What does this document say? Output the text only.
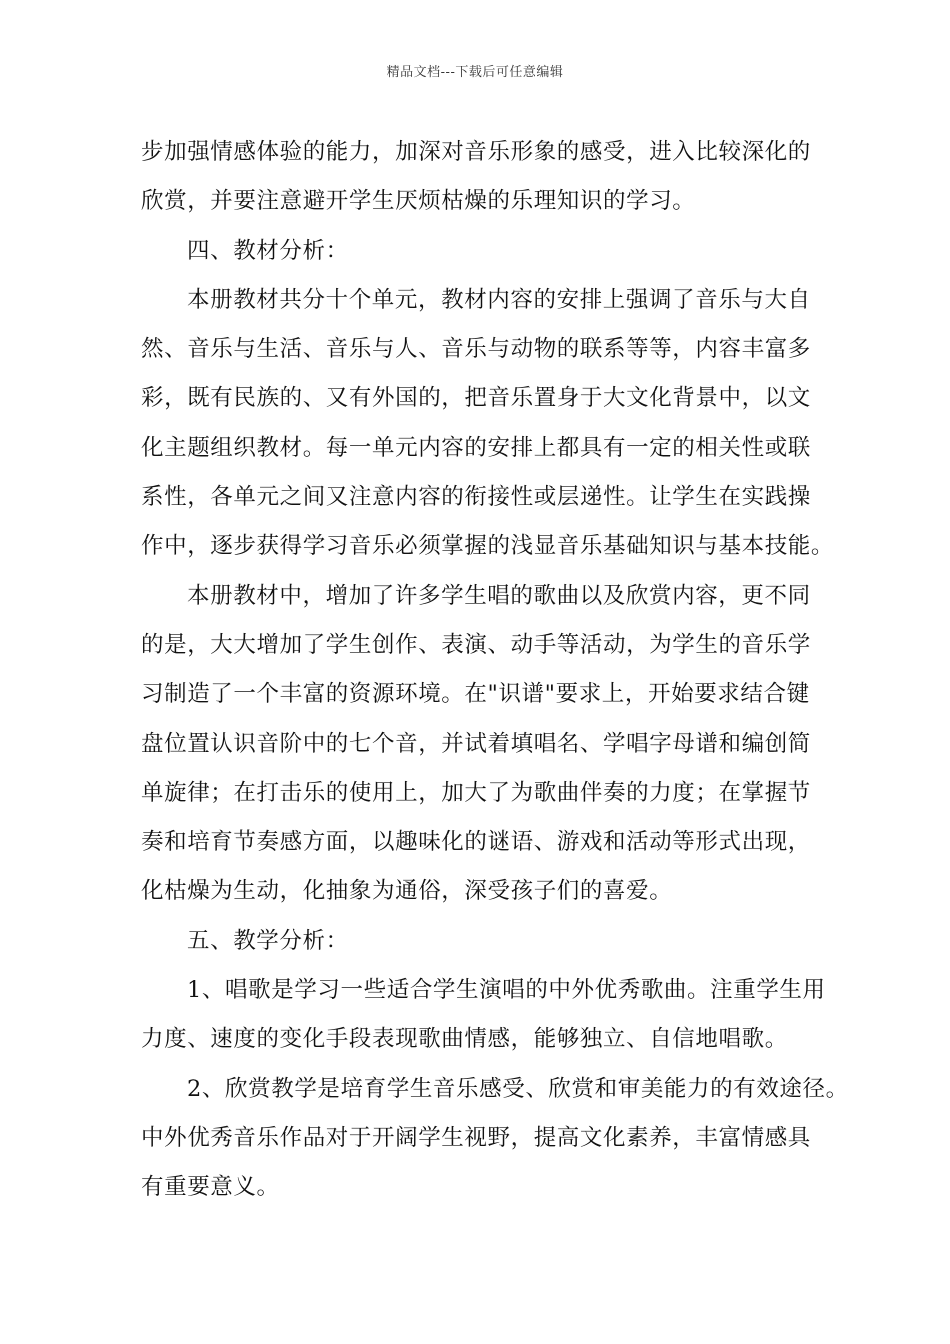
精品文档---下载后可任意编辑
步加强情感体验的能力，加深对音乐形象的感受，进入比较深化的
欣赏，并要注意避开学生厌烦枯燥的乐理知识的学习。
四、教材分析：
本册教材共分十个单元，教材内容的安排上强调了音乐与大自
然、音乐与生活、音乐与人、音乐与动物的联系等等，内容丰富多
彩，既有民族的、又有外国的，把音乐置身于大文化背景中，以文
化主题组织教材。每一单元内容的安排上都具有一定的相关性或联
系性，各单元之间又注意内容的衔接性或层递性。让学生在实践操
作中，逐步获得学习音乐必须掌握的浅显音乐基础知识与基本技能。
本册教材中，增加了许多学生唱的歌曲以及欣赏内容，更不同
的是，大大增加了学生创作、表演、动手等活动，为学生的音乐学
习制造了一个丰富的资源环境。在"识谱"要求上，开始要求结合键
盘位置认识音阶中的七个音，并试着填唱名、学唱字母谱和编创简
单旋律；在打击乐的使用上，加大了为歌曲伴奏的力度；在掌握节
奏和培育节奏感方面，以趣味化的谜语、游戏和活动等形式出现，
化枯燥为生动，化抽象为通俗，深受孩子们的喜爱。
五、教学分析：
1、唱歌是学习一些适合学生演唱的中外优秀歌曲。注重学生用
力度、速度的变化手段表现歌曲情感，能够独立、自信地唱歌。
2、欣赏教学是培育学生音乐感受、欣赏和审美能力的有效途径。
中外优秀音乐作品对于开阔学生视野，提高文化素养，丰富情感具
有重要意义。
